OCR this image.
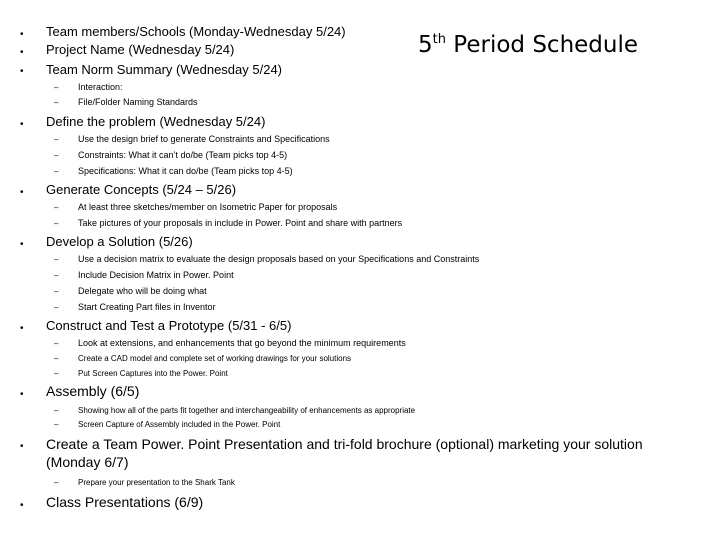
5th Period Schedule
• Team members/Schools (Monday-Wednesday 5/24)
• Project Name (Wednesday 5/24)
• Team Norm Summary (Wednesday 5/24)
– Interaction:
– File/Folder Naming Standards
• Define the problem (Wednesday 5/24)
– Use the design brief to generate Constraints and Specifications
– Constraints: What it can’t do/be (Team picks top 4-5)
– Specifications: What it can do/be (Team picks top 4-5)
• Generate Concepts (5/24 – 5/26)
– At least three sketches/member on Isometric Paper for proposals
– Take pictures of your proposals in include in Power. Point and share with partners
• Develop a Solution (5/26)
– Use a decision matrix to evaluate the design proposals based on your Specifications and Constraints
– Include Decision Matrix in Power. Point
– Delegate who will be doing what
– Start Creating Part files in Inventor
• Construct and Test a Prototype (5/31 - 6/5)
– Look at extensions, and enhancements that go beyond the minimum requirements
– Create a CAD model and complete set of working drawings for your solutions
– Put Screen Captures into the Power. Point
• Assembly (6/5)
– Showing how all of the parts fit together and interchangeability of enhancements as appropriate
– Screen Capture of Assembly included in the Power. Point
• Create a Team Power. Point Presentation and tri-fold brochure (optional) marketing your solution (Monday 6/7)
– Prepare your presentation to the Shark Tank
• Class Presentations (6/9)
